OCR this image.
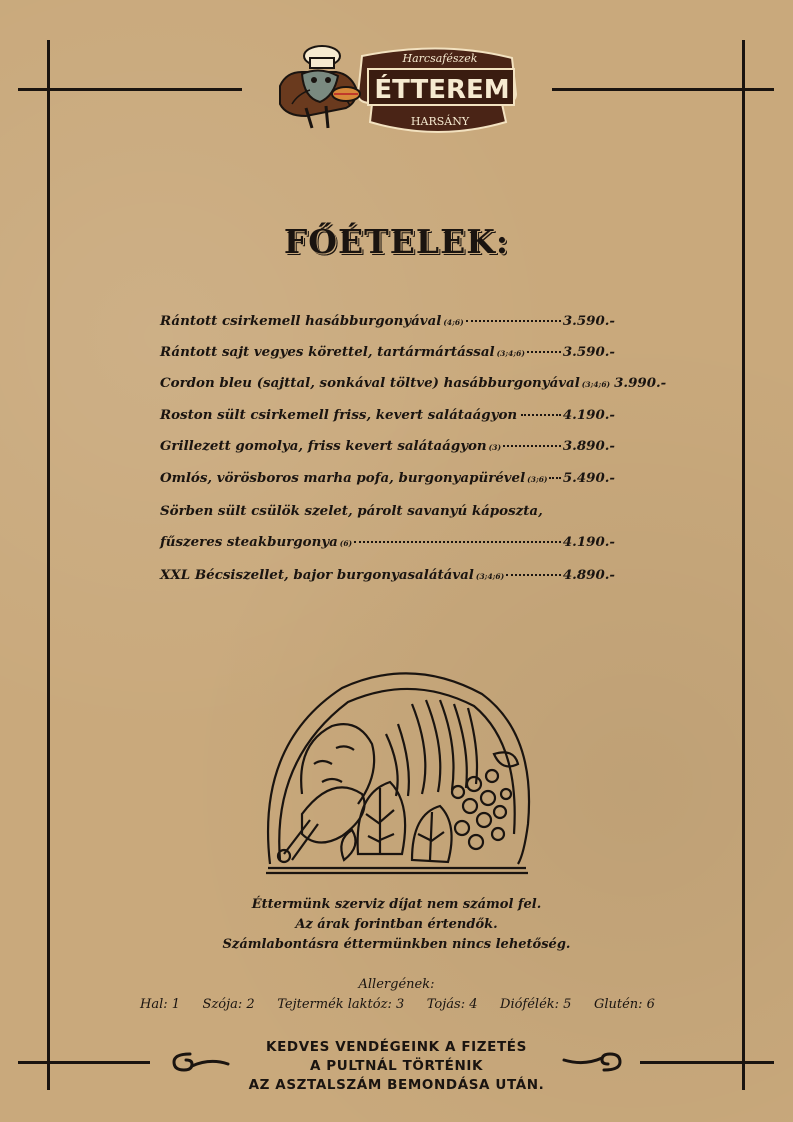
Harcsafészek
ÉTTEREM
HARSÁNY
FŐÉTELEK:
Rántott csirkemell hasábburgonyával (4;6)	3.590.-
Rántott sajt vegyes körettel, tartármártással (3;4;6)	3.590.-
Cordon bleu (sajttal, sonkával töltve) hasábburgonyával (3;4;6) 3.990.-
Roston sült csirkemell friss, kevert salátaágyon	4.190.-
Grillezett gomolya, friss kevert salátaágyon (3)	3.890.-
Omlós, vörösboros marha pofa, burgonyapürével (3;6) 5.490.-
Sörben sült csülök szelet, párolt savanyú káposzta,
fűszeres steakburgonya (6)	4.190.-
XXL Bécsiszellet, bajor burgonyasalátával (3;4;6)	4.890.-
Éttermünk szerviz díjat nem számol fel.
Az árak forintban értendők.
Számlabontásra éttermünkben nincs lehetőség.
Allergének:
Hal: 1 Szója: 2 Tejtermék laktóz: 3 Tojás: 4 Diófélék: 5 Glutén: 6
KEDVES VENDÉGEINK A FIZETÉS
A PULTNÁL TÖRTÉNIK
AZ ASZTALSZÁM BEMONDÁSA UTÁN.
